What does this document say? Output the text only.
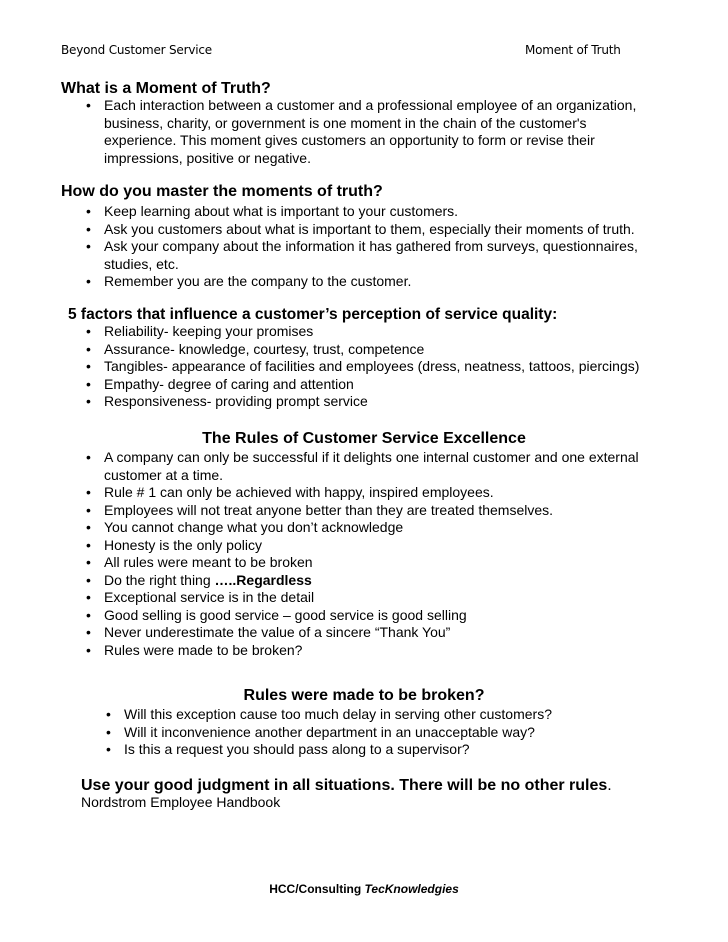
Beyond Customer Service	Moment of Truth
What is a Moment of Truth?
• Each interaction between a customer and a professional employee of an organization, business, charity, or government is one moment in the chain of the customer's experience. This moment gives customers an opportunity to form or revise their impressions, positive or negative.
How do you master the moments of truth?
• Keep learning about what is important to your customers.
• Ask you customers about what is important to them, especially their moments of truth.
• Ask your company about the information it has gathered from surveys, questionnaires, studies, etc.
• Remember you are the company to the customer.
5 factors that influence a customer’s perception of service quality:
• Reliability- keeping your promises
• Assurance- knowledge, courtesy, trust, competence
• Tangibles- appearance of facilities and employees (dress, neatness, tattoos, piercings)
• Empathy- degree of caring and attention
• Responsiveness- providing prompt service
The Rules of Customer Service Excellence
• A company can only be successful if it delights one internal customer and one external customer at a time.
• Rule # 1 can only be achieved with happy, inspired employees.
• Employees will not treat anyone better than they are treated themselves.
• You cannot change what you don’t acknowledge
• Honesty is the only policy
• All rules were meant to be broken
• Do the right thing …..Regardless
• Exceptional service is in the detail
• Good selling is good service – good service is good selling
• Never underestimate the value of a sincere “Thank You”
• Rules were made to be broken?
Rules were made to be broken?
• Will this exception cause too much delay in serving other customers?
• Will it inconvenience another department in an unacceptable way?
• Is this a request you should pass along to a supervisor?
Use your good judgment in all situations. There will be no other rules.
Nordstrom Employee Handbook
HCC/Consulting TecKnowledgies
